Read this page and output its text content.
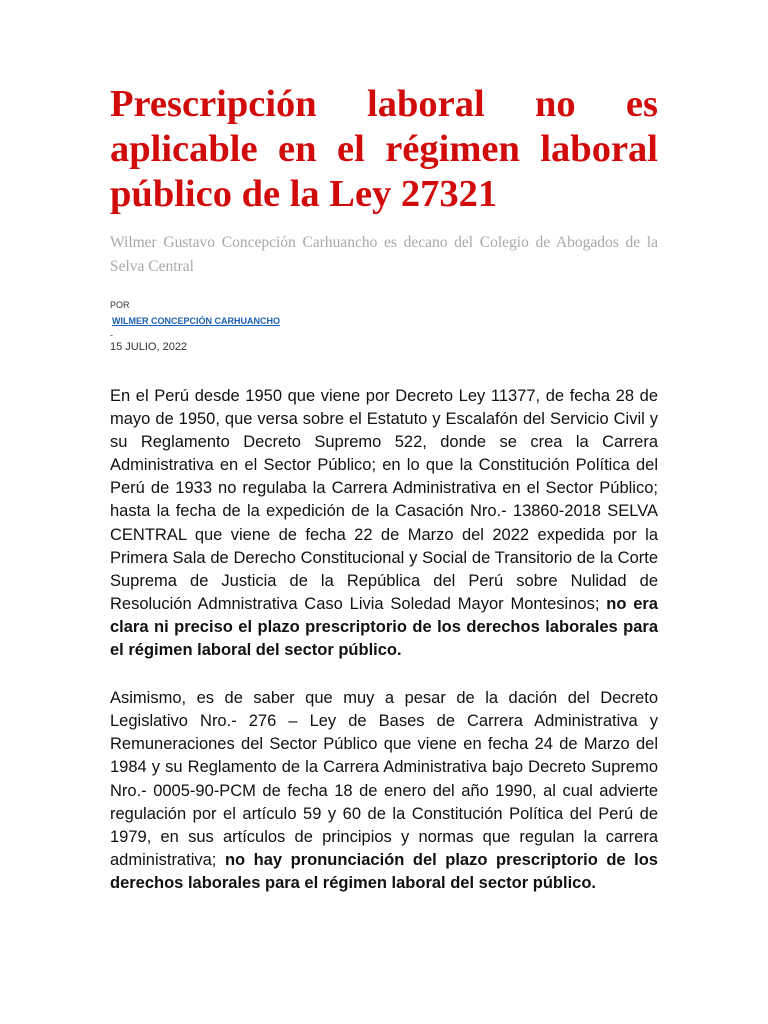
Prescripción laboral no es aplicable en el régimen laboral público de la Ley 27321

Wilmer Gustavo Concepción Carhuancho es decano del Colegio de Abogados de la Selva Central

POR
WILMER CONCEPCIÓN CARHUANCHO
-
15 JULIO, 2022

En el Perú desde 1950 que viene por Decreto Ley 11377, de fecha 28 de mayo de 1950, que versa sobre el Estatuto y Escalafón del Servicio Civil y su Reglamento Decreto Supremo 522, donde se crea la Carrera Administrativa en el Sector Público; en lo que la Constitución Política del Perú de 1933 no regulaba la Carrera Administrativa en el Sector Público; hasta la fecha de la expedición de la Casación Nro.- 13860-2018 SELVA CENTRAL que viene de fecha 22 de Marzo del 2022 expedida por la Primera Sala de Derecho Constitucional y Social de Transitorio de la Corte Suprema de Justicia de la República del Perú sobre Nulidad de Resolución Admnistrativa Caso Livia Soledad Mayor Montesinos; no era clara ni preciso el plazo prescriptorio de los derechos laborales para el régimen laboral del sector público.

Asimismo, es de saber que muy a pesar de la dación del Decreto Legislativo Nro.- 276 – Ley de Bases de Carrera Administrativa y Remuneraciones del Sector Público que viene en fecha 24 de Marzo del 1984 y su Reglamento de la Carrera Administrativa bajo Decreto Supremo Nro.- 0005-90-PCM de fecha 18 de enero del año 1990, al cual advierte regulación por el artículo 59 y 60 de la Constitución Política del Perú de 1979, en sus artículos de principios y normas que regulan la carrera administrativa; no hay pronunciación del plazo prescriptorio de los derechos laborales para el régimen laboral del sector público.
